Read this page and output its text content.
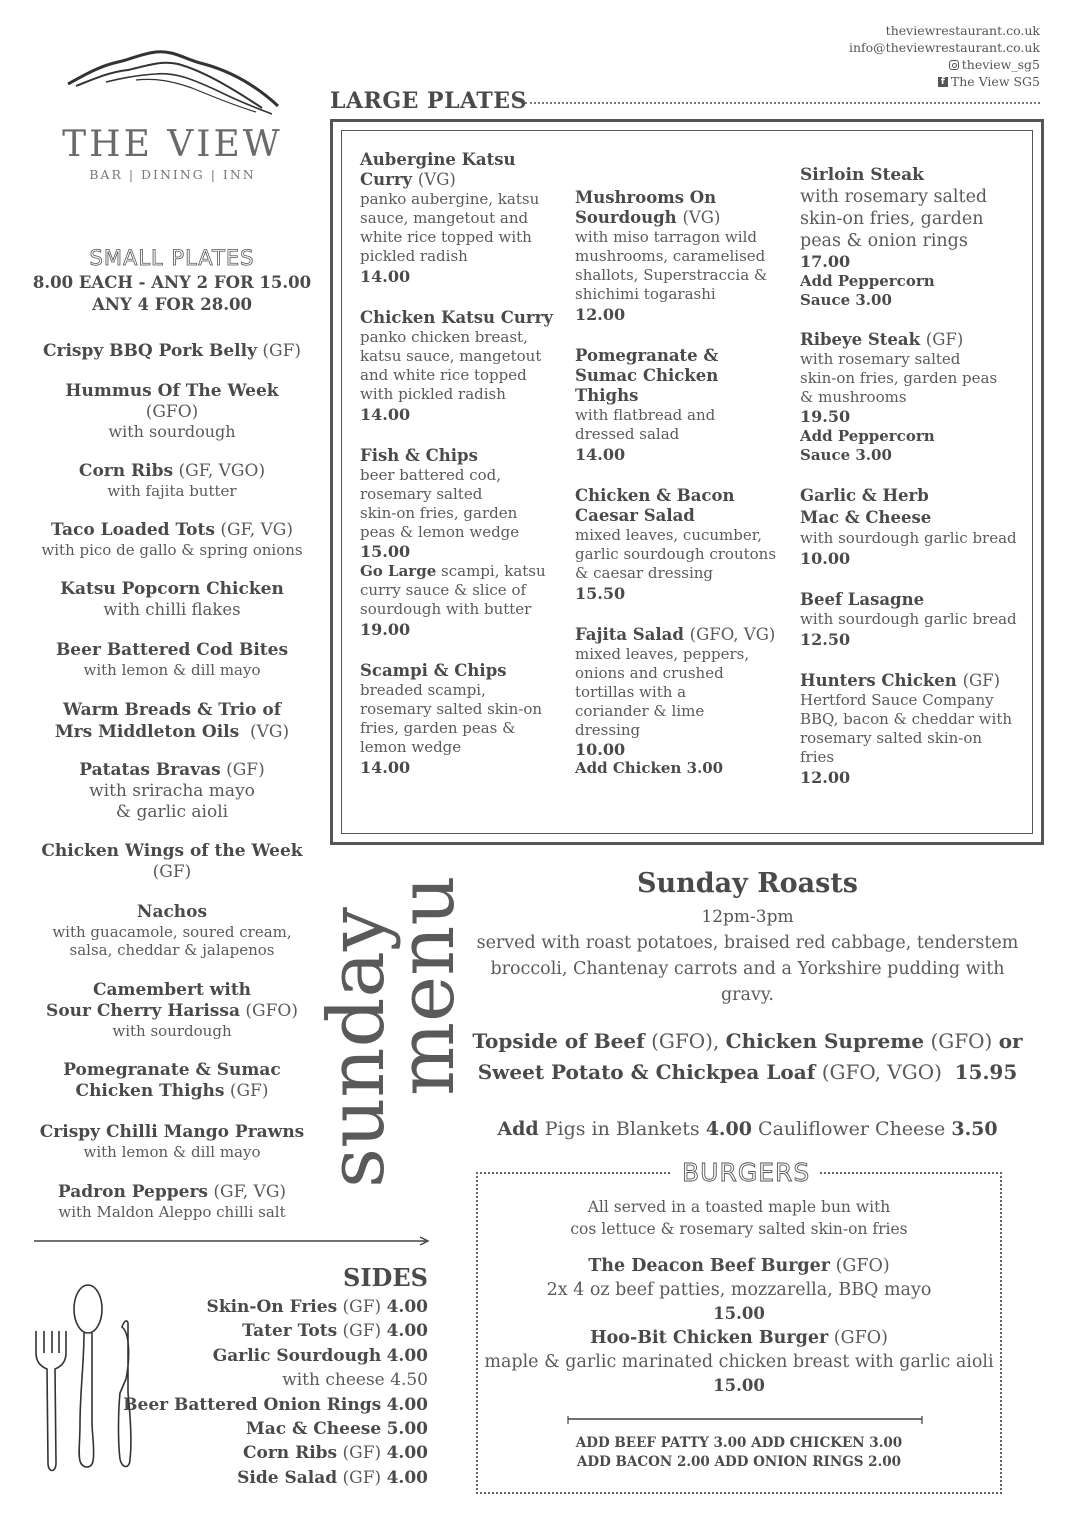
theviewrestaurant.co.uk
info@theviewrestaurant.co.uk
theview_sg5
f The View SG5
THE VIEW
BAR | DINING | INN
SMALL PLATES
8.00 EACH - ANY 2 FOR 15.00
ANY 4 FOR 28.00
Crispy BBQ Pork Belly (GF)
Hummus Of The Week
(GFO)
with sourdough
Corn Ribs (GF, VGO)
with fajita butter
Taco Loaded Tots (GF, VG)
with pico de gallo & spring onions
Katsu Popcorn Chicken
with chilli flakes
Beer Battered Cod Bites
with lemon & dill mayo
Warm Breads & Trio of
Mrs Middleton Oils (VG)
Patatas Bravas (GF)
with sriracha mayo
& garlic aioli
Chicken Wings of the Week (GF)
Nachos
with guacamole, soured cream,
salsa, cheddar & jalapenos
Camembert with
Sour Cherry Harissa (GFO)
with sourdough
Pomegranate & Sumac
Chicken Thighs (GF)
Crispy Chilli Mango Prawns
with lemon & dill mayo
Padron Peppers (GF, VG)
with Maldon Aleppo chilli salt
LARGE PLATES
Aubergine Katsu
Curry (VG)
panko aubergine, katsu sauce, mangetout and white rice topped with pickled radish
14.00
Chicken Katsu Curry
panko chicken breast, katsu sauce, mangetout and white rice topped with pickled radish
14.00
Fish & Chips
beer battered cod, rosemary salted skin-on fries, garden peas & lemon wedge
15.00
Go Large scampi, katsu curry sauce & slice of sourdough with butter
19.00
Scampi & Chips
breaded scampi, rosemary salted skin-on fries, garden peas & lemon wedge
14.00
Mushrooms On
Sourdough (VG)
with miso tarragon wild mushrooms, caramelised shallots, Superstraccia & shichimi togarashi
12.00
Pomegranate & Sumac Chicken Thighs
with flatbread and dressed salad
14.00
Chicken & Bacon Caesar Salad
mixed leaves, cucumber, garlic sourdough croutons & caesar dressing
15.50
Fajita Salad (GFO, VG)
mixed leaves, peppers, onions and crushed tortillas with a coriander & lime dressing
10.00
Add Chicken 3.00
Sirloin Steak
with rosemary salted skin-on fries, garden peas & onion rings
17.00
Add Peppercorn Sauce 3.00
Ribeye Steak (GF)
with rosemary salted skin-on fries, garden peas & mushrooms
19.50
Add Peppercorn Sauce 3.00
Garlic & Herb Mac & Cheese
with sourdough garlic bread
10.00
Beef Lasagne
with sourdough garlic bread
12.50
Hunters Chicken (GF)
Hertford Sauce Company BBQ, bacon & cheddar with rosemary salted skin-on fries
12.00
sunday
menu	Sunday Roasts
12pm-3pm
served with roast potatoes, braised red cabbage, tenderstem broccoli, Chantenay carrots and a Yorkshire pudding with gravy.
Topside of Beef (GFO), Chicken Supreme (GFO) or
Sweet Potato & Chickpea Loaf (GFO, VGO) 15.95
Add Pigs in Blankets 4.00 Cauliflower Cheese 3.50
BURGERS
All served in a toasted maple bun with
cos lettuce & rosemary salted skin-on fries
The Deacon Beef Burger (GFO)
2x 4 oz beef patties, mozzarella, BBQ mayo
15.00
Hoo-Bit Chicken Burger (GFO)
maple & garlic marinated chicken breast with garlic aioli
15.00
ADD BEEF PATTY 3.00 ADD CHICKEN 3.00
ADD BACON 2.00 ADD ONION RINGS 2.00
SIDES
Skin-On Fries (GF) 4.00
Tater Tots (GF) 4.00
Garlic Sourdough 4.00
with cheese 4.50
Beer Battered Onion Rings 4.00
Mac & Cheese 5.00
Corn Ribs (GF) 4.00
Side Salad (GF) 4.00
